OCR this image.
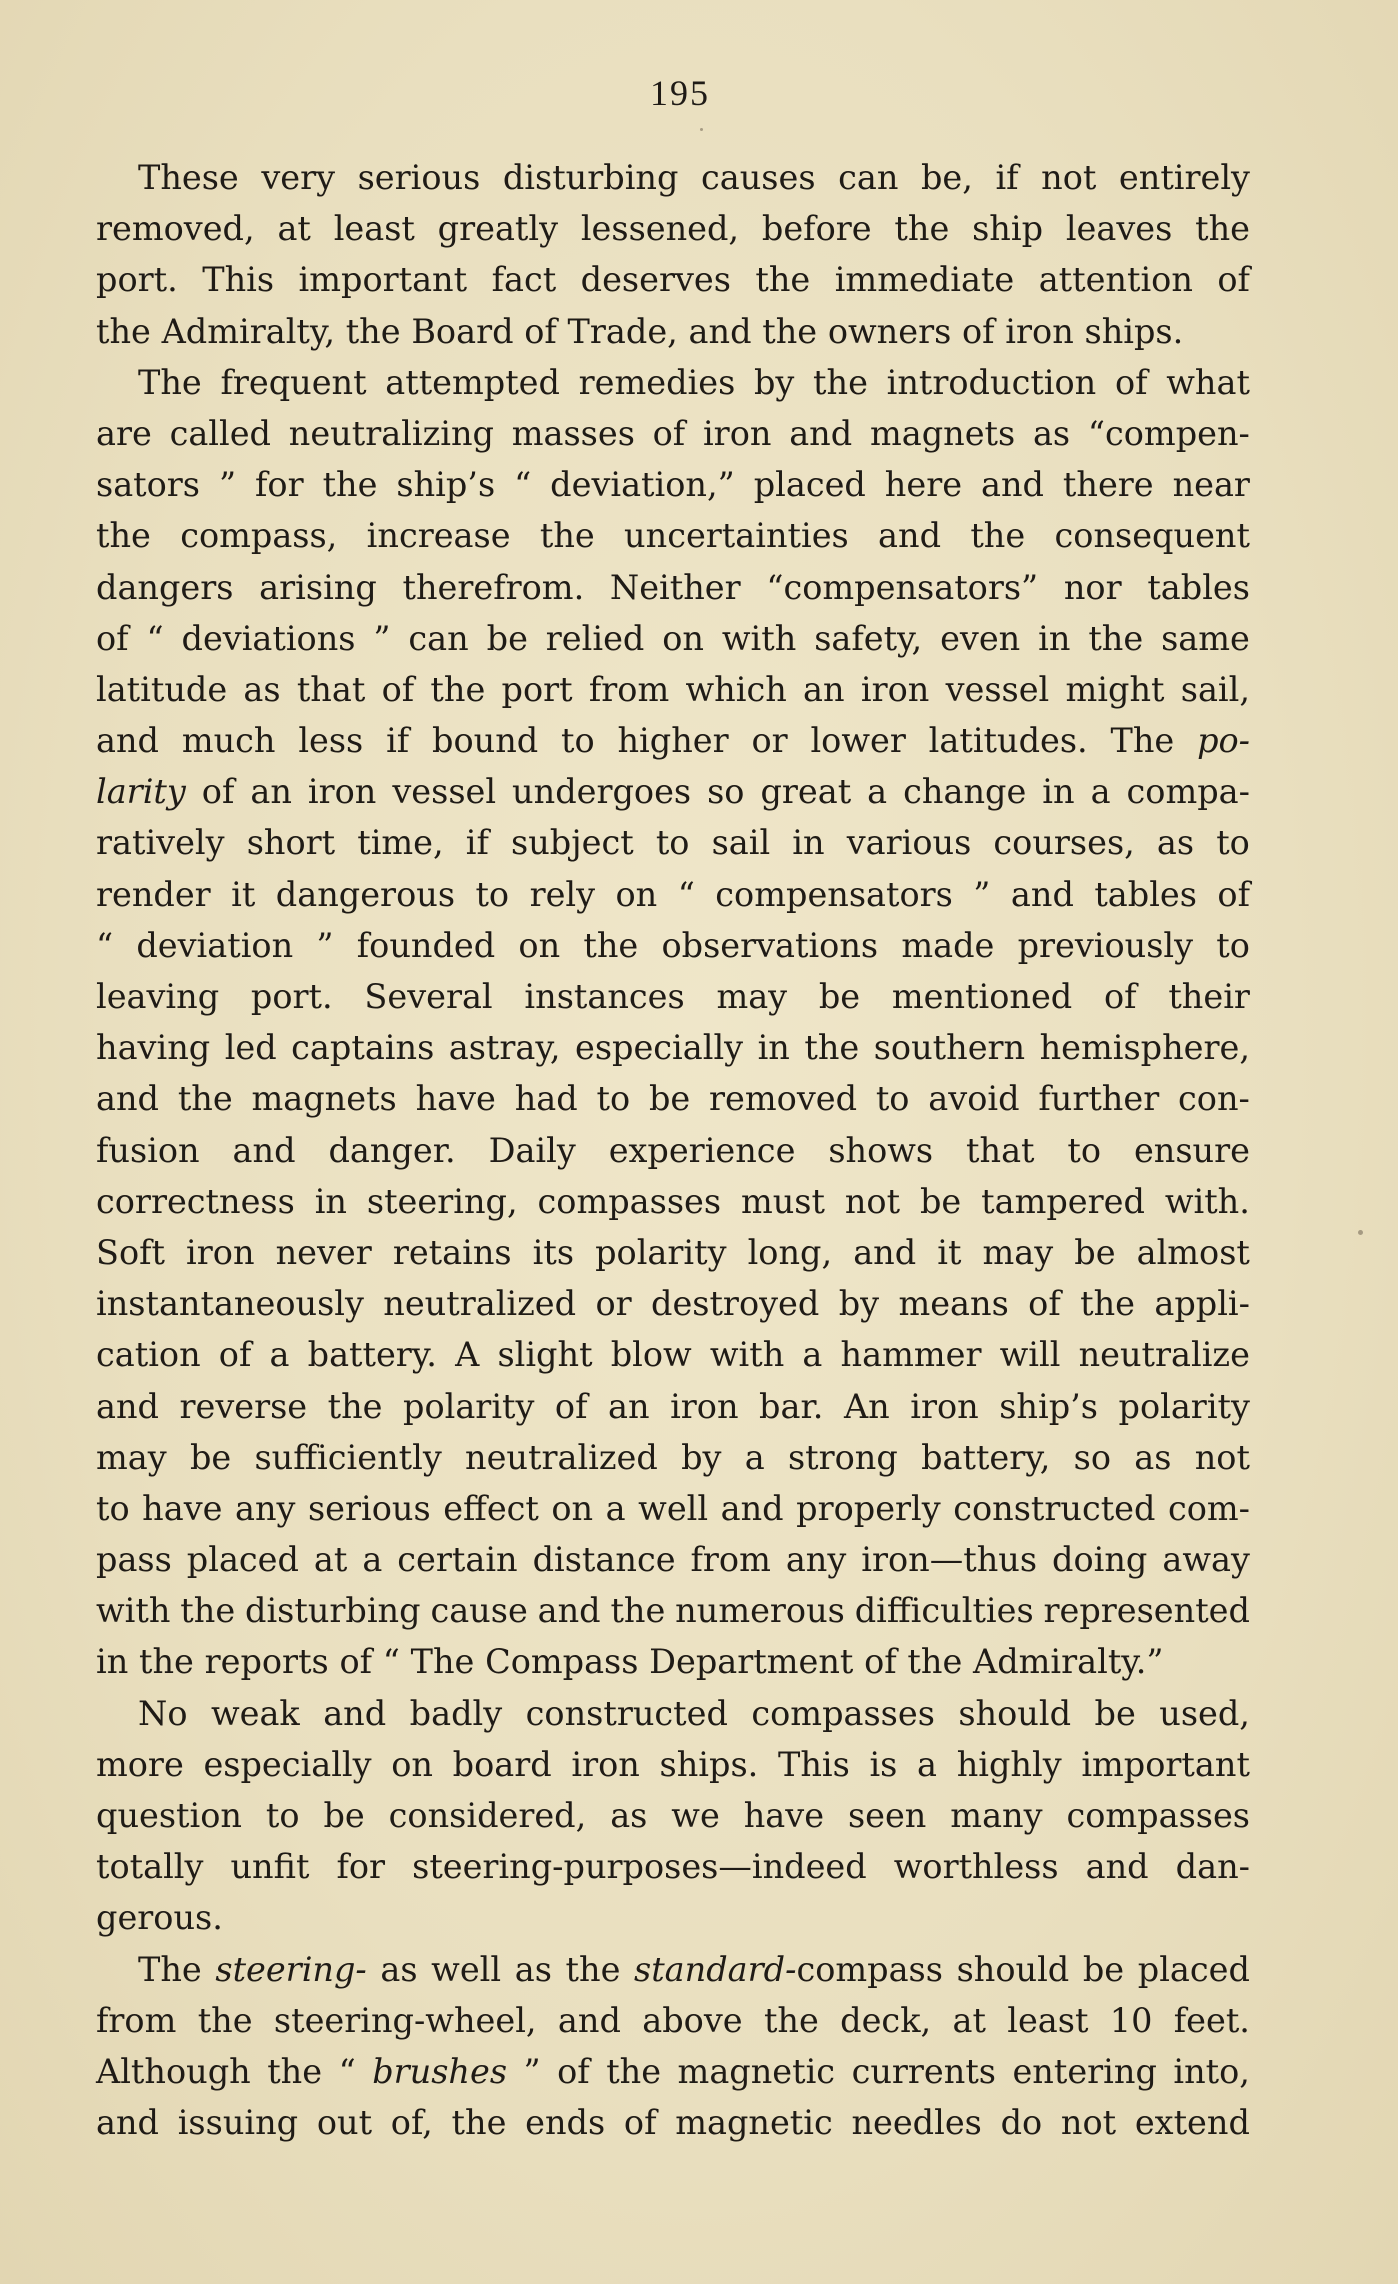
195
These very serious disturbing causes can be, if not entirely
removed, at least greatly lessened, before the ship leaves the
port. This important fact deserves the immediate attention of
the Admiralty, the Board of Trade, and the owners of iron ships.
The frequent attempted remedies by the introduction of what
are called neutralizing masses of iron and magnets as “compen-
sators ” for the ship’s “ deviation,” placed here and there near
the compass, increase the uncertainties and the consequent
dangers arising therefrom. Neither “compensators” nor tables
of “ deviations ” can be relied on with safety, even in the same
latitude as that of the port from which an iron vessel might sail,
and much less if bound to higher or lower latitudes. The po-
larity of an iron vessel undergoes so great a change in a compa-
ratively short time, if subject to sail in various courses, as to
render it dangerous to rely on “ compensators ” and tables of
“ deviation ” founded on the observations made previously to
leaving port. Several instances may be mentioned of their
having led captains astray, especially in the southern hemisphere,
and the magnets have had to be removed to avoid further con-
fusion and danger. Daily experience shows that to ensure
correctness in steering, compasses must not be tampered with.
Soft iron never retains its polarity long, and it may be almost
instantaneously neutralized or destroyed by means of the appli-
cation of a battery. A slight blow with a hammer will neutralize
and reverse the polarity of an iron bar. An iron ship’s polarity
may be sufficiently neutralized by a strong battery, so as not
to have any serious effect on a well and properly constructed com-
pass placed at a certain distance from any iron—thus doing away
with the disturbing cause and the numerous difficulties represented
in the reports of “ The Compass Department of the Admiralty.”
No weak and badly constructed compasses should be used,
more especially on board iron ships. This is a highly important
question to be considered, as we have seen many compasses
totally unfit for steering-purposes—indeed worthless and dan-
gerous.
The steering- as well as the standard-compass should be placed
from the steering-wheel, and above the deck, at least 10 feet.
Although the “ brushes ” of the magnetic currents entering into,
and issuing out of, the ends of magnetic needles do not extend
